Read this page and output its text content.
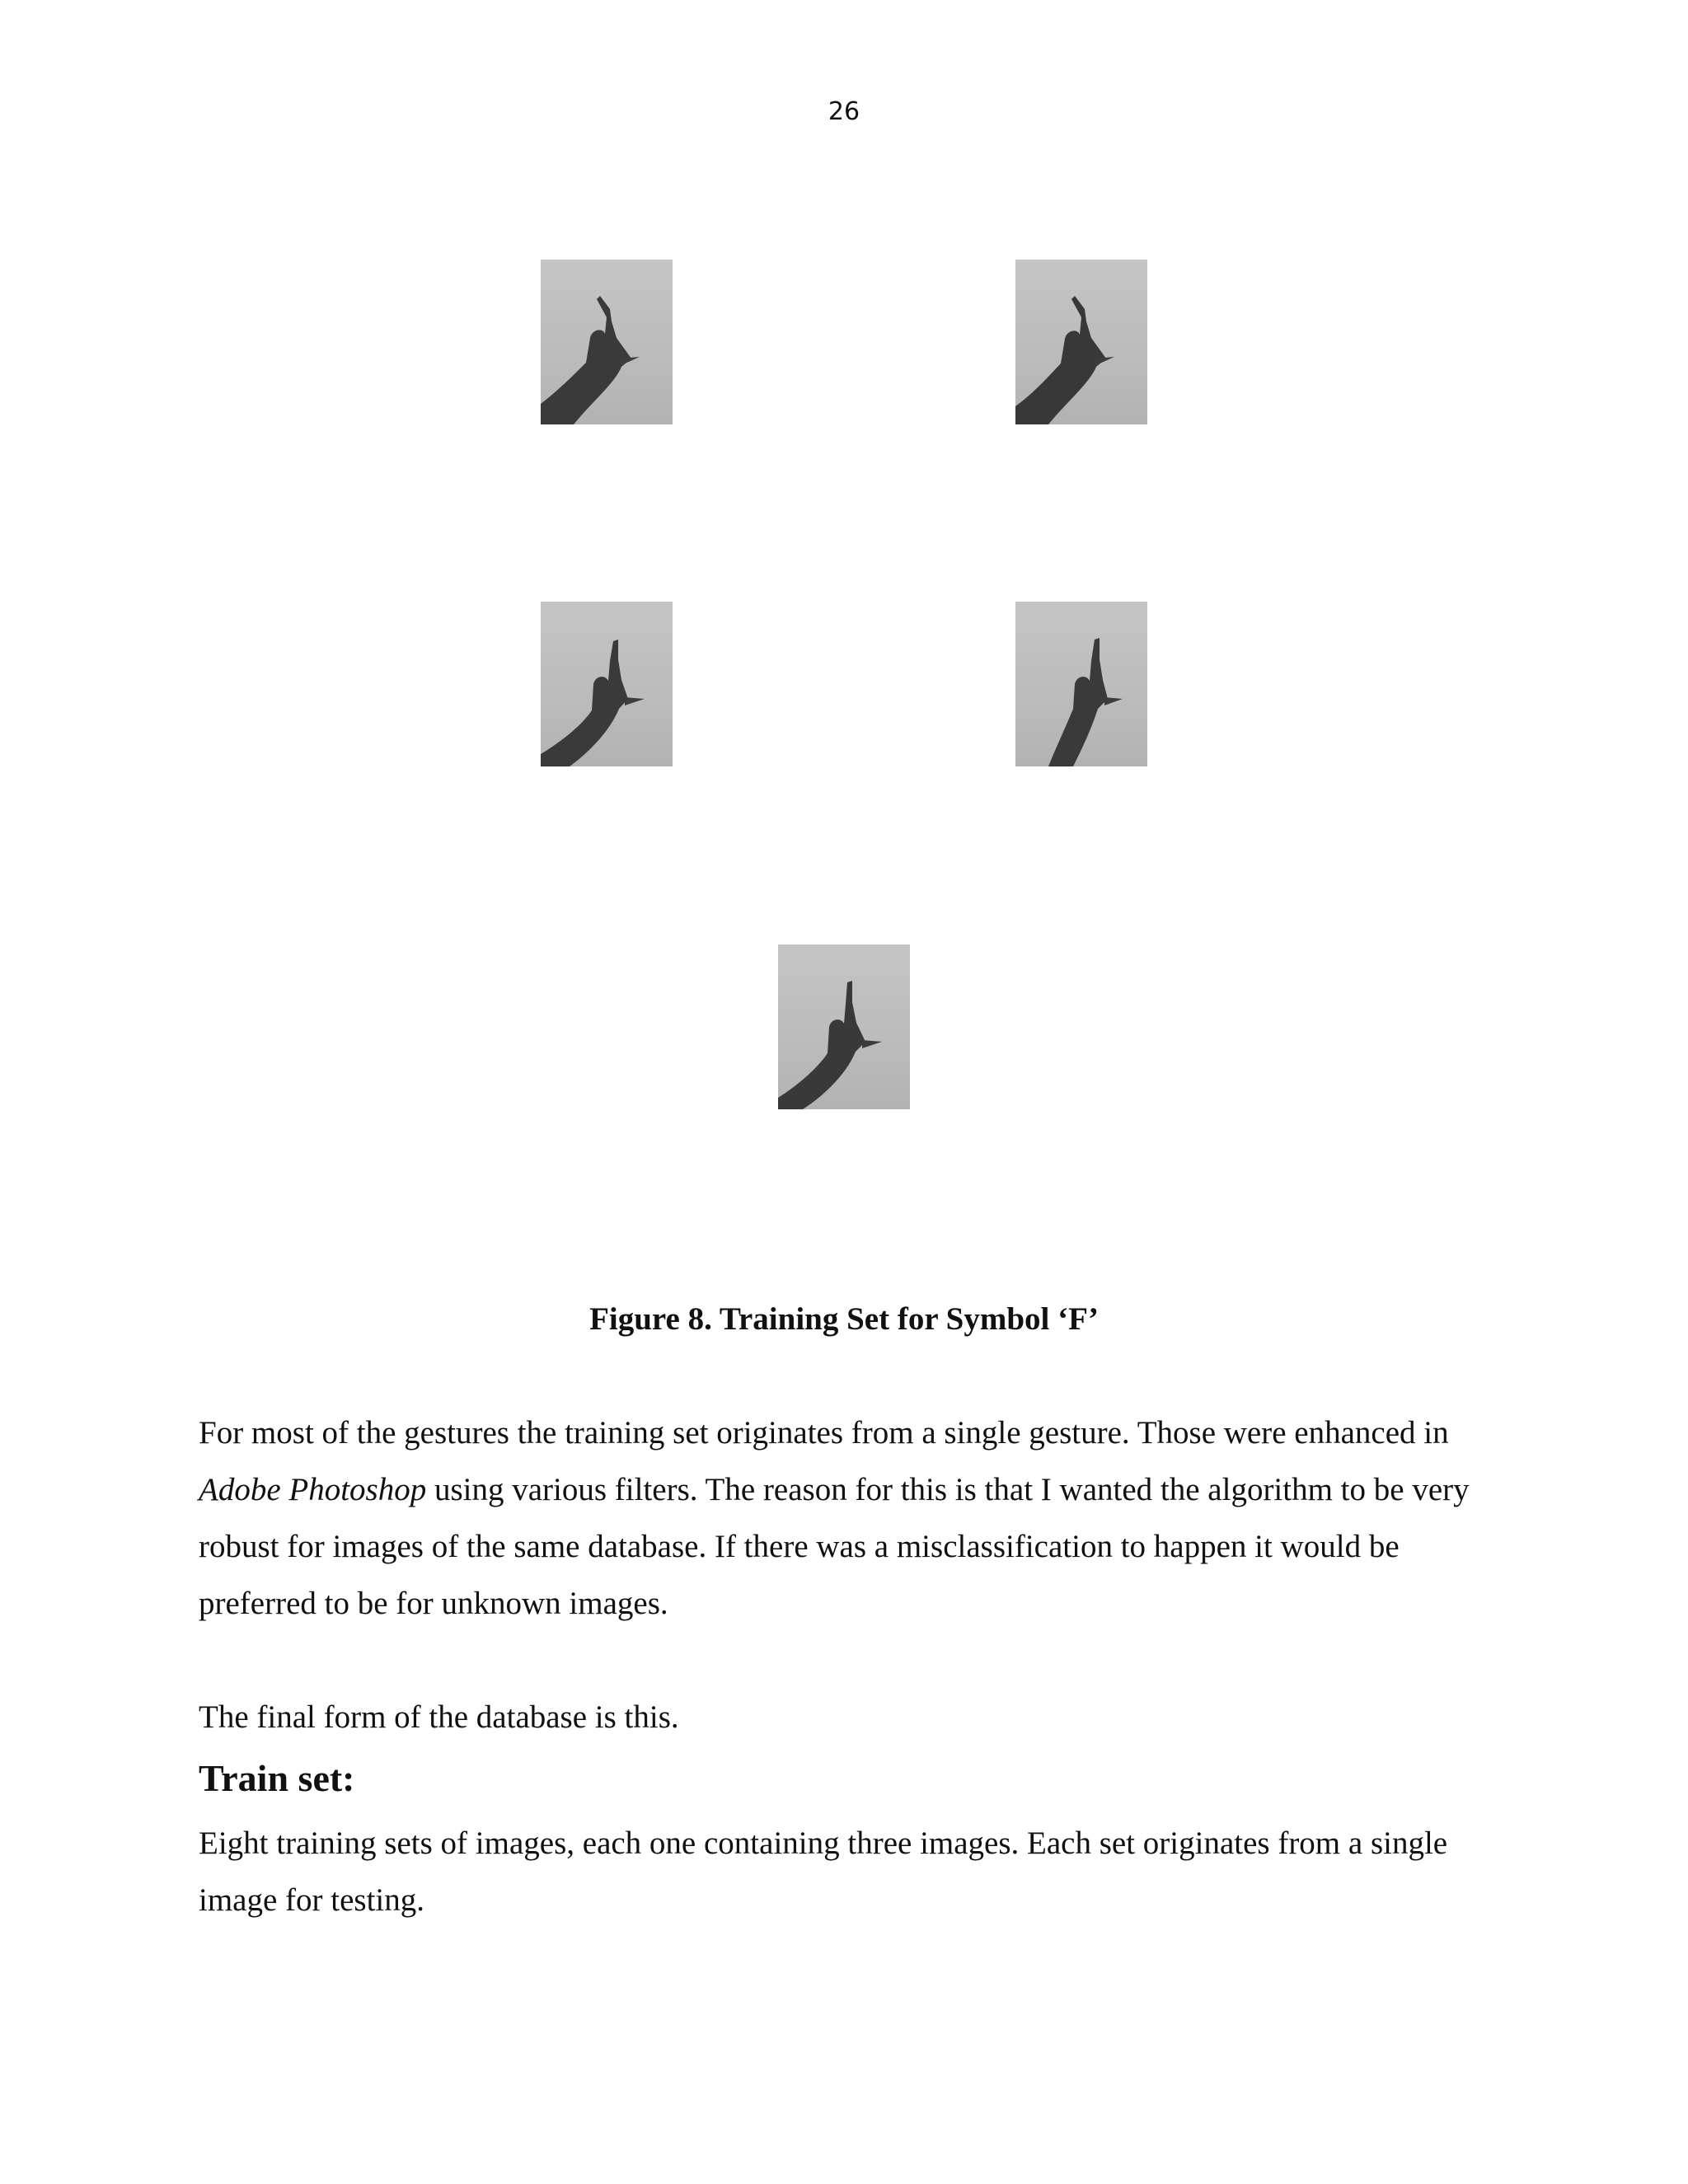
26
Figure 8. Training Set for Symbol ‘F’

For most of the gestures the training set originates from a single gesture. Those were enhanced in Adobe Photoshop using various filters. The reason for this is that I wanted the algorithm to be very robust for images of the same database. If there was a misclassification to happen it would be preferred to be for unknown images.

The final form of the database is this.

Train set:

Eight training sets of images, each one containing three images. Each set originates from a single image for testing.
